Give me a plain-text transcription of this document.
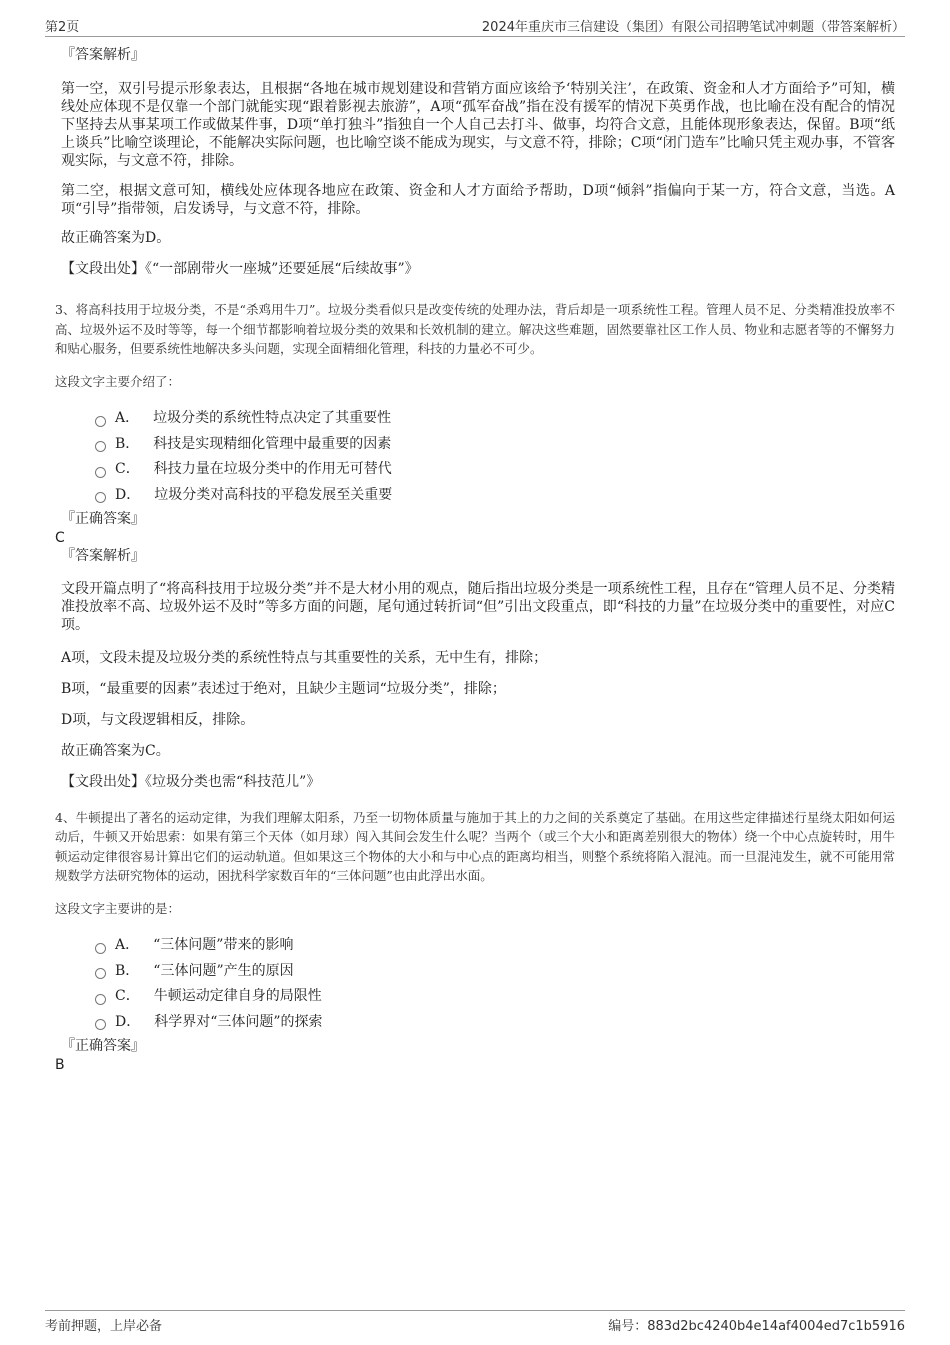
第2页	2024年重庆市三信建设（集团）有限公司招聘笔试冲刺题（带答案解析）
『答案解析』

第一空，双引号提示形象表达，且根据“各地在城市规划建设和营销方面应该给予‘特别关注’，在政策、资金和人才方面给予”可知，横线处应体现不是仅靠一个部门就能实现“跟着影视去旅游”，A项“孤军奋战”指在没有援军的情况下英勇作战，也比喻在没有配合的情况下坚持去从事某项工作或做某件事，D项“单打独斗”指独自一个人自己去打斗、做事，均符合文意，且能体现形象表达，保留。B项“纸上谈兵”比喻空谈理论，不能解决实际问题，也比喻空谈不能成为现实，与文意不符，排除；C项“闭门造车”比喻只凭主观办事，不管客观实际，与文意不符，排除。

第二空，根据文意可知，横线处应体现各地应在政策、资金和人才方面给予帮助，D项“倾斜”指偏向于某一方，符合文意，当选。A项“引导”指带领，启发诱导，与文意不符，排除。

故正确答案为D。

【文段出处】《“一部剧带火一座城”还要延展“后续故事”》
3、将高科技用于垃圾分类，不是“杀鸡用牛刀”。垃圾分类看似只是改变传统的处理办法，背后却是一项系统性工程。管理人员不足、分类精准投放率不高、垃圾外运不及时等等，每一个细节都影响着垃圾分类的效果和长效机制的建立。解决这些难题，固然要靠社区工作人员、物业和志愿者等的不懈努力和贴心服务，但要系统性地解决多头问题，实现全面精细化管理，科技的力量必不可少。
这段文字主要介绍了：
A． 垃圾分类的系统性特点决定了其重要性
B． 科技是实现精细化管理中最重要的因素
C． 科技力量在垃圾分类中的作用无可替代
D． 垃圾分类对高科技的平稳发展至关重要
『正确答案』
C
『答案解析』

文段开篇点明了“将高科技用于垃圾分类”并不是大材小用的观点，随后指出垃圾分类是一项系统性工程，且存在“管理人员不足、分类精准投放率不高、垃圾外运不及时”等多方面的问题，尾句通过转折词“但”引出文段重点，即“科技的力量”在垃圾分类中的重要性，对应C项。

A项，文段未提及垃圾分类的系统性特点与其重要性的关系，无中生有，排除；

B项，“最重要的因素”表述过于绝对，且缺少主题词“垃圾分类”，排除；

D项，与文段逻辑相反，排除。

故正确答案为C。

【文段出处】《垃圾分类也需“科技范儿”》
4、牛顿提出了著名的运动定律，为我们理解太阳系，乃至一切物体质量与施加于其上的力之间的关系奠定了基础。在用这些定律描述行星绕太阳如何运动后，牛顿又开始思索：如果有第三个天体（如月球）闯入其间会发生什么呢？当两个（或三个大小和距离差别很大的物体）绕一个中心点旋转时，用牛顿运动定律很容易计算出它们的运动轨道。但如果这三个物体的大小和与中心点的距离均相当，则整个系统将陷入混沌。而一旦混沌发生，就不可能用常规数学方法研究物体的运动，困扰科学家数百年的“三体问题”也由此浮出水面。
这段文字主要讲的是：
A． “三体问题”带来的影响
B． “三体问题”产生的原因
C． 牛顿运动定律自身的局限性
D． 科学界对“三体问题”的探索
『正确答案』
B
考前押题，上岸必备	编号：883d2bc4240b4e14af4004ed7c1b5916
